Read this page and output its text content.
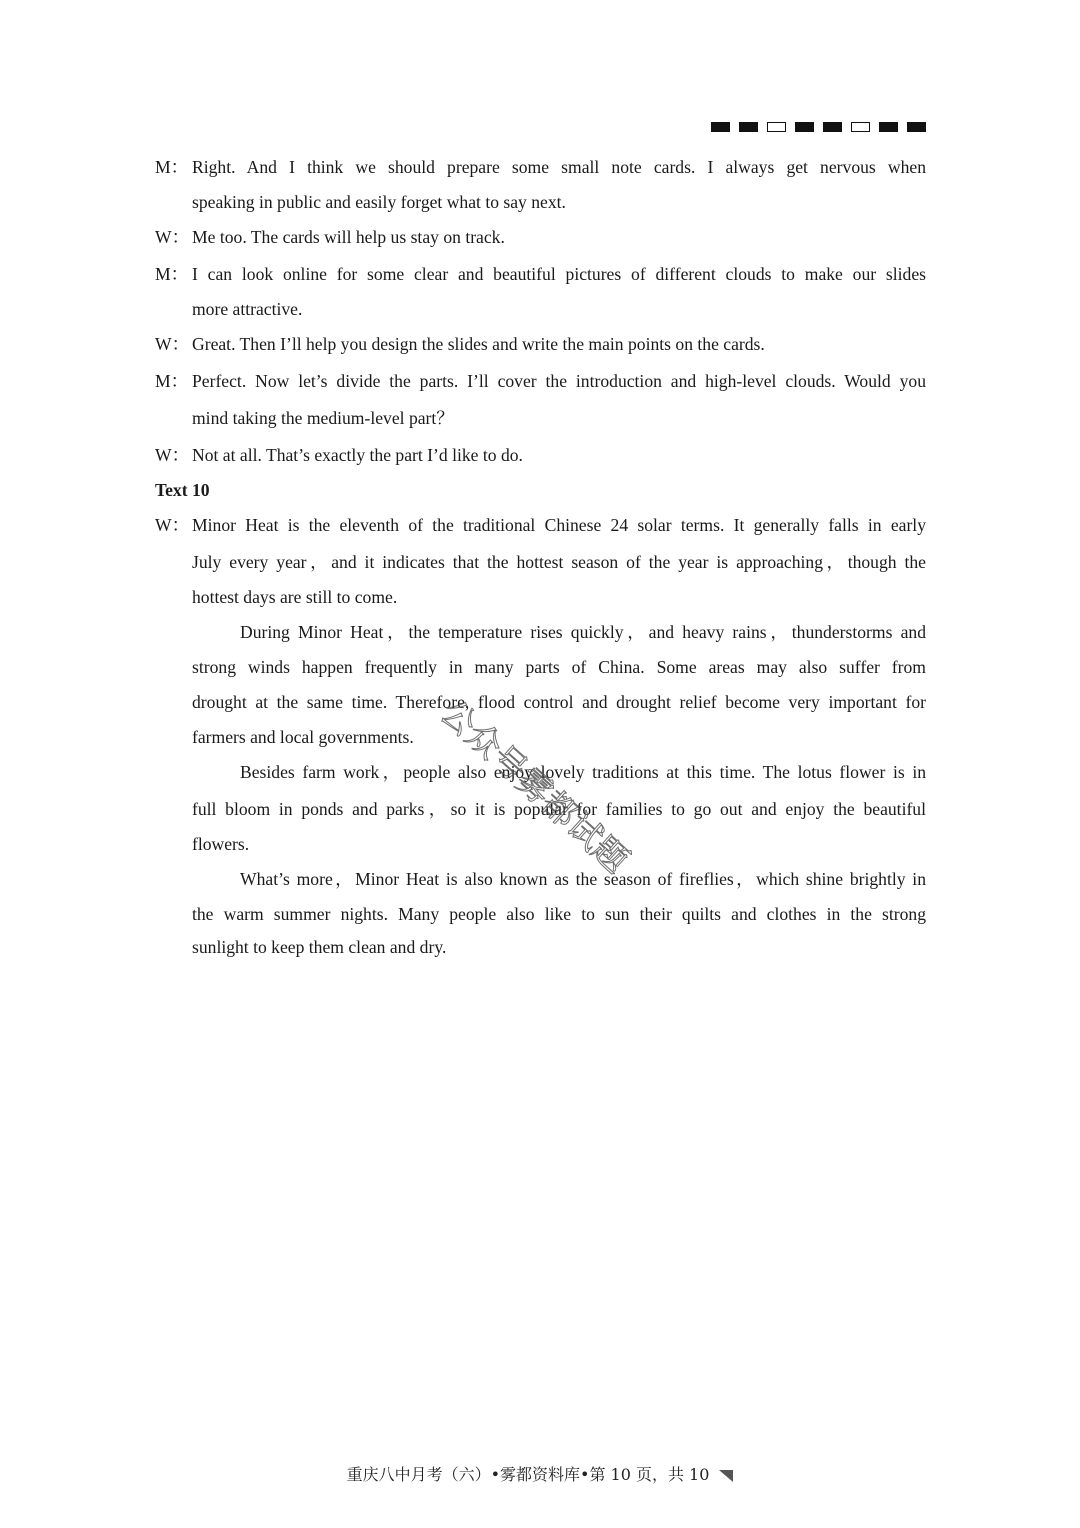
M： Right. And I think we should prepare some small note cards. I always get nervous when
speaking in public and easily forget what to say next.
W： Me too. The cards will help us stay on track.
M： I can look online for some clear and beautiful pictures of different clouds to make our slides
more attractive.
W： Great. Then I’ll help you design the slides and write the main points on the cards.
M： Perfect. Now let’s divide the parts. I’ll cover the introduction and high-level clouds. Would you
mind taking the medium-level part？
W： Not at all. That’s exactly the part I’d like to do.
Text 10
W： Minor Heat is the eleventh of the traditional Chinese 24 solar terms. It generally falls in early
July every year，and it indicates that the hottest season of the year is approaching，though the
hottest days are still to come.
During Minor Heat，the temperature rises quickly，and heavy rains，thunderstorms and
strong winds happen frequently in many parts of China. Some areas may also suffer from
drought at the same time. Therefore, flood control and drought relief become very important for
farmers and local governments.
Besides farm work，people also enjoy lovely traditions at this time. The lotus flower is in
full bloom in ponds and parks，so it is popular for families to go out and enjoy the beautiful
flowers.
What’s more，Minor Heat is also known as the season of fireflies，which shine brightly in
the warm summer nights. Many people also like to sun their quilts and clothes in the strong
sunlight to keep them clean and dry.
公众号雾都试题
重庆八中月考（六）•雾都资料库•第 10 页，共 10
